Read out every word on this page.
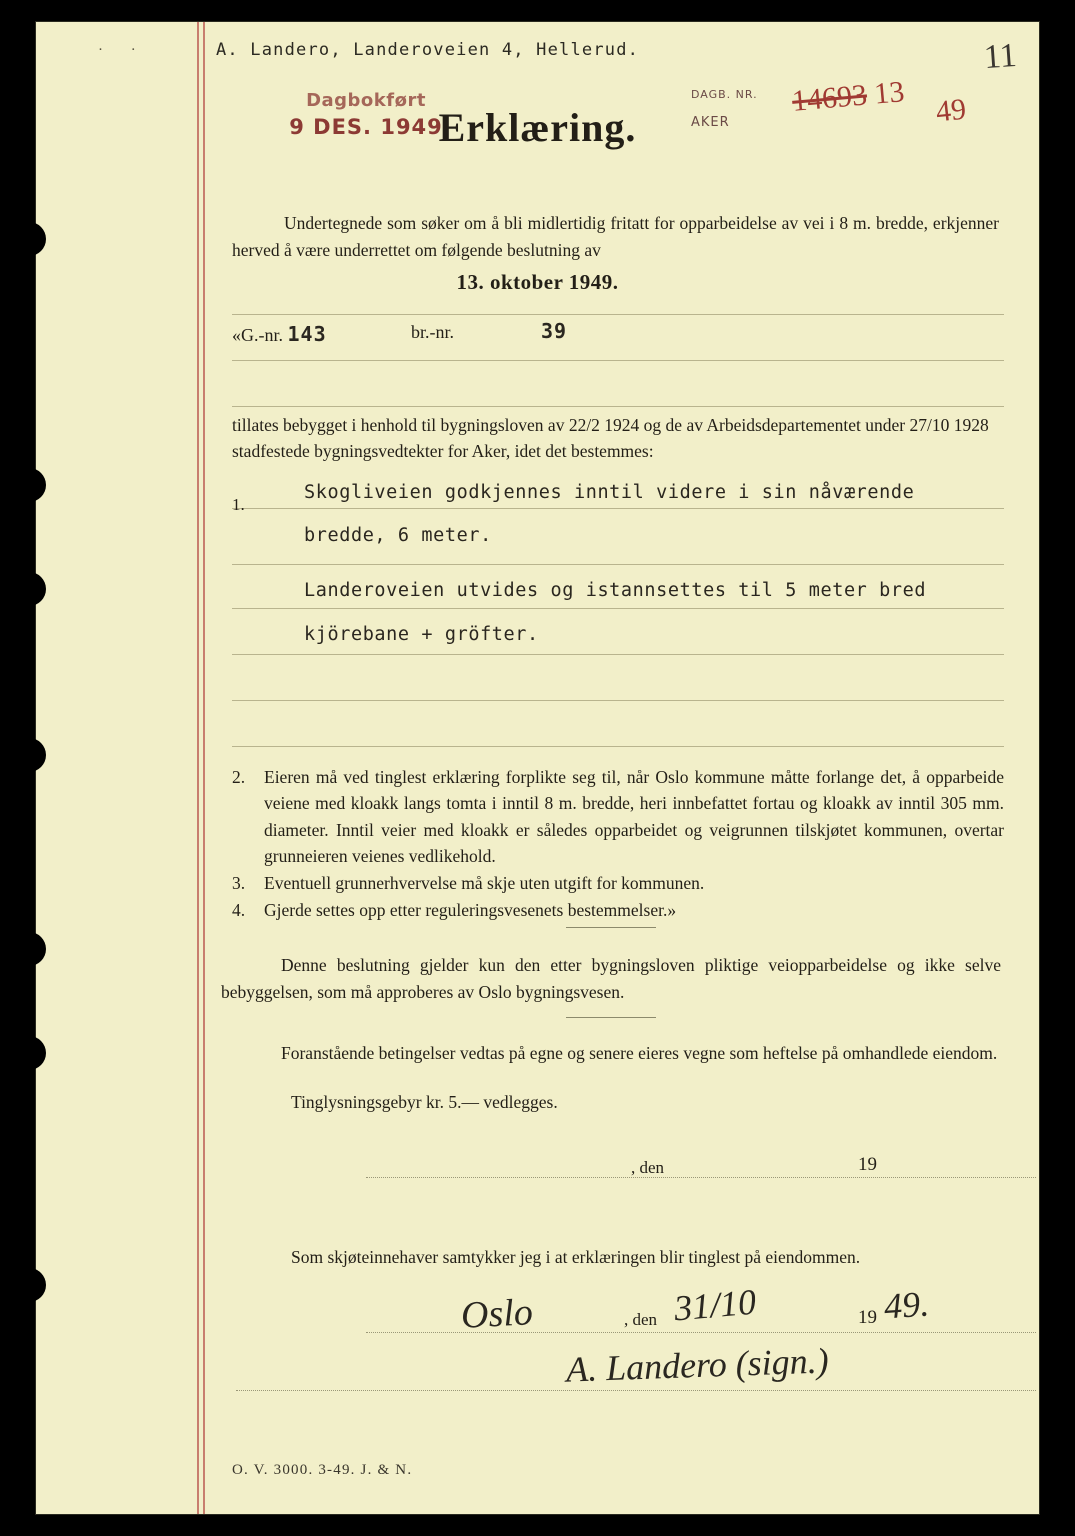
· ·	A. Landero, Landeroveien 4, Hellerud.	11
Dagbokført
9 DES. 1949
Erklæring.
DAGB. NR.
AKER
14693 13 49
Undertegnede som søker om å bli midlertidig fritatt for opparbeidelse av vei i 8 m. bredde, erkjenner herved å være underrettet om følgende beslutning av
13. oktober 1949.
«G.-nr. 143	br.-nr.	39
tillates bebygget i henhold til bygningsloven av 22/2 1924 og de av Arbeidsdepartementet under 27/10 1928 stadfestede bygningsvedtekter for Aker, idet det bestemmes:
1.
Skogliveien godkjennes inntil videre i sin nåværende
bredde, 6 meter.
Landeroveien utvides og istannsettes til 5 meter bred
kjörebane + gröfter.
2.	Eieren må ved tinglest erklæring forplikte seg til, når Oslo kommune måtte forlange det, å opparbeide veiene med kloakk langs tomta i inntil 8 m. bredde, heri innbefattet fortau og kloakk av inntil 305 mm. diameter. Inntil veier med kloakk er således opparbeidet og veigrunnen tilskjøtet kommunen, overtar grunneieren veienes vedlikehold.
3.	Eventuell grunnerhvervelse må skje uten utgift for kommunen.
4.	Gjerde settes opp etter reguleringsvesenets bestemmelser.»
Denne beslutning gjelder kun den etter bygningsloven pliktige veiopparbeidelse og ikke selve bebyggelsen, som må approberes av Oslo bygningsvesen.
Foranstående betingelser vedtas på egne og senere eieres vegne som heftelse på omhandlede eiendom.
Tinglysningsgebyr kr. 5.— vedlegges.
, den	19
Som skjøteinnehaver samtykker jeg i at erklæringen blir tinglest på eiendommen.
Oslo	, den 31/10	19 49.
A. Landero (sign.)
O. V. 3000. 3-49. J. & N.
